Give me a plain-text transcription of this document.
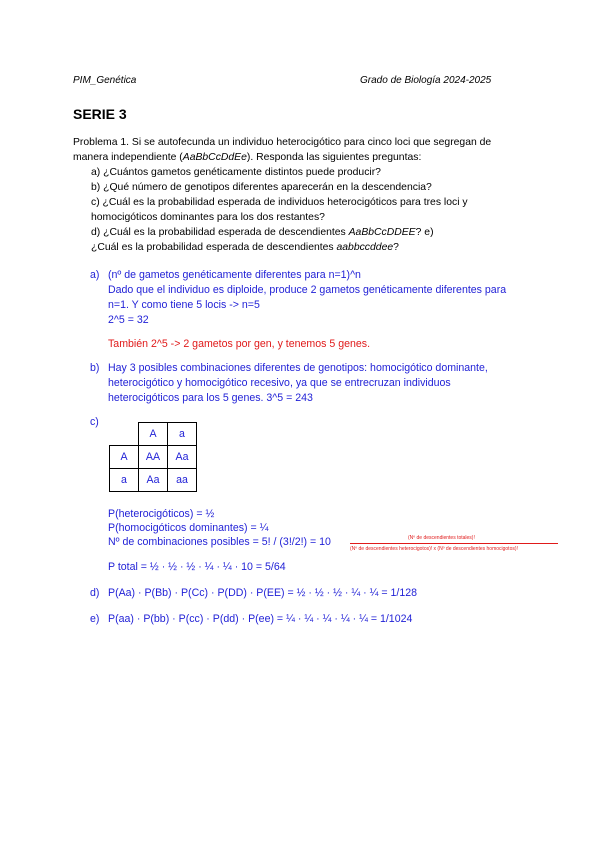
PIM_Genética	Grado de Biología 2024-2025
SERIE 3
Problema 1. Si se autofecunda un individuo heterocigótico para cinco loci que segregan de
manera independiente (AaBbCcDdEe). Responda las siguientes preguntas:
a) ¿Cuántos gametos genéticamente distintos puede producir?
b) ¿Qué número de genotipos diferentes aparecerán en la descendencia?
c) ¿Cuál es la probabilidad esperada de individuos heterocigóticos para tres loci y
homocigóticos dominantes para los dos restantes?
d) ¿Cuál es la probabilidad esperada de descendientes AaBbCcDDEE? e)
¿Cuál es la probabilidad esperada de descendientes aabbccddee?
a) (nº de gametos genéticamente diferentes para n=1)^n
Dado que el individuo es diploide, produce 2 gametos genéticamente diferentes para
n=1. Y como tiene 5 locis -> n=5
2^5 = 32
También 2^5 -> 2 gametos por gen, y tenemos 5 genes.
b) Hay 3 posibles combinaciones diferentes de genotipos: homocigótico dominante,
heterocigótico y homocigótico recesivo, ya que se entrecruzan individuos
heterocigóticos para los 5 genes. 3^5 = 243
c)
	A	a
A	AA	Aa
a	Aa	aa
P(heterocigóticos) = ½
P(homocigóticos dominantes) = ¼
Nº de combinaciones posibles = 5! / (3!/2!) = 10	(Nº de descendientes totales)!
(Nº de descendientes heterocigotos)! x (Nº de descendientes homocigotos)!
P total = ½ · ½ · ½ · ¼ · ¼ · 10 = 5/64
d) P(Aa) · P(Bb) · P(Cc) · P(DD) · P(EE) = ½ · ½ · ½ · ¼ · ¼ = 1/128
e) P(aa) · P(bb) · P(cc) · P(dd) · P(ee) = ¼ · ¼ · ¼ · ¼ · ¼ = 1/1024
